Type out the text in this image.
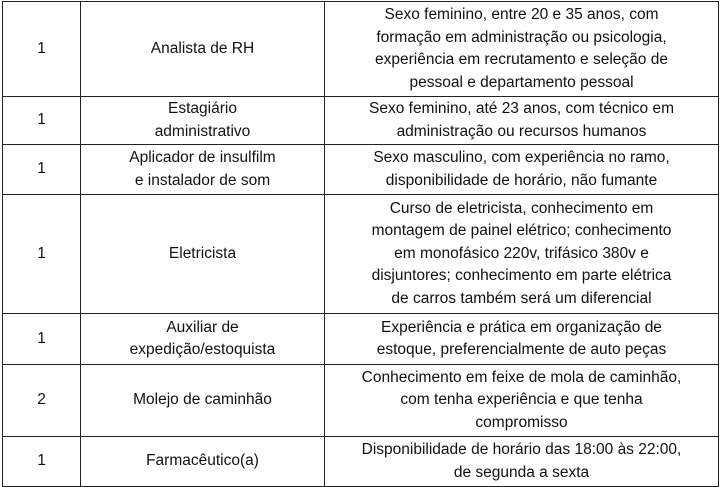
1	Analista de RH	Sexo feminino, entre 20 e 35 anos, com
formação em administração ou psicologia,
experiência em recrutamento e seleção de
pessoal e departamento pessoal

1	Estagiário
administrativo	Sexo feminino, até 23 anos, com técnico em
administração ou recursos humanos

1	Aplicador de insulfilm
e instalador de som	Sexo masculino, com experiência no ramo,
disponibilidade de horário, não fumante

1	Eletricista	Curso de eletricista, conhecimento em
montagem de painel elétrico; conhecimento
em monofásico 220v, trifásico 380v e
disjuntores; conhecimento em parte elétrica
de carros também será um diferencial

1	Auxiliar de
expedição/estoquista	Experiência e prática em organização de
estoque, preferencialmente de auto peças

2	Molejo de caminhão	Conhecimento em feixe de mola de caminhão,
com tenha experiência e que tenha
compromisso

1	Farmacêutico(a)	Disponibilidade de horário das 18:00 às 22:00,
de segunda a sexta
